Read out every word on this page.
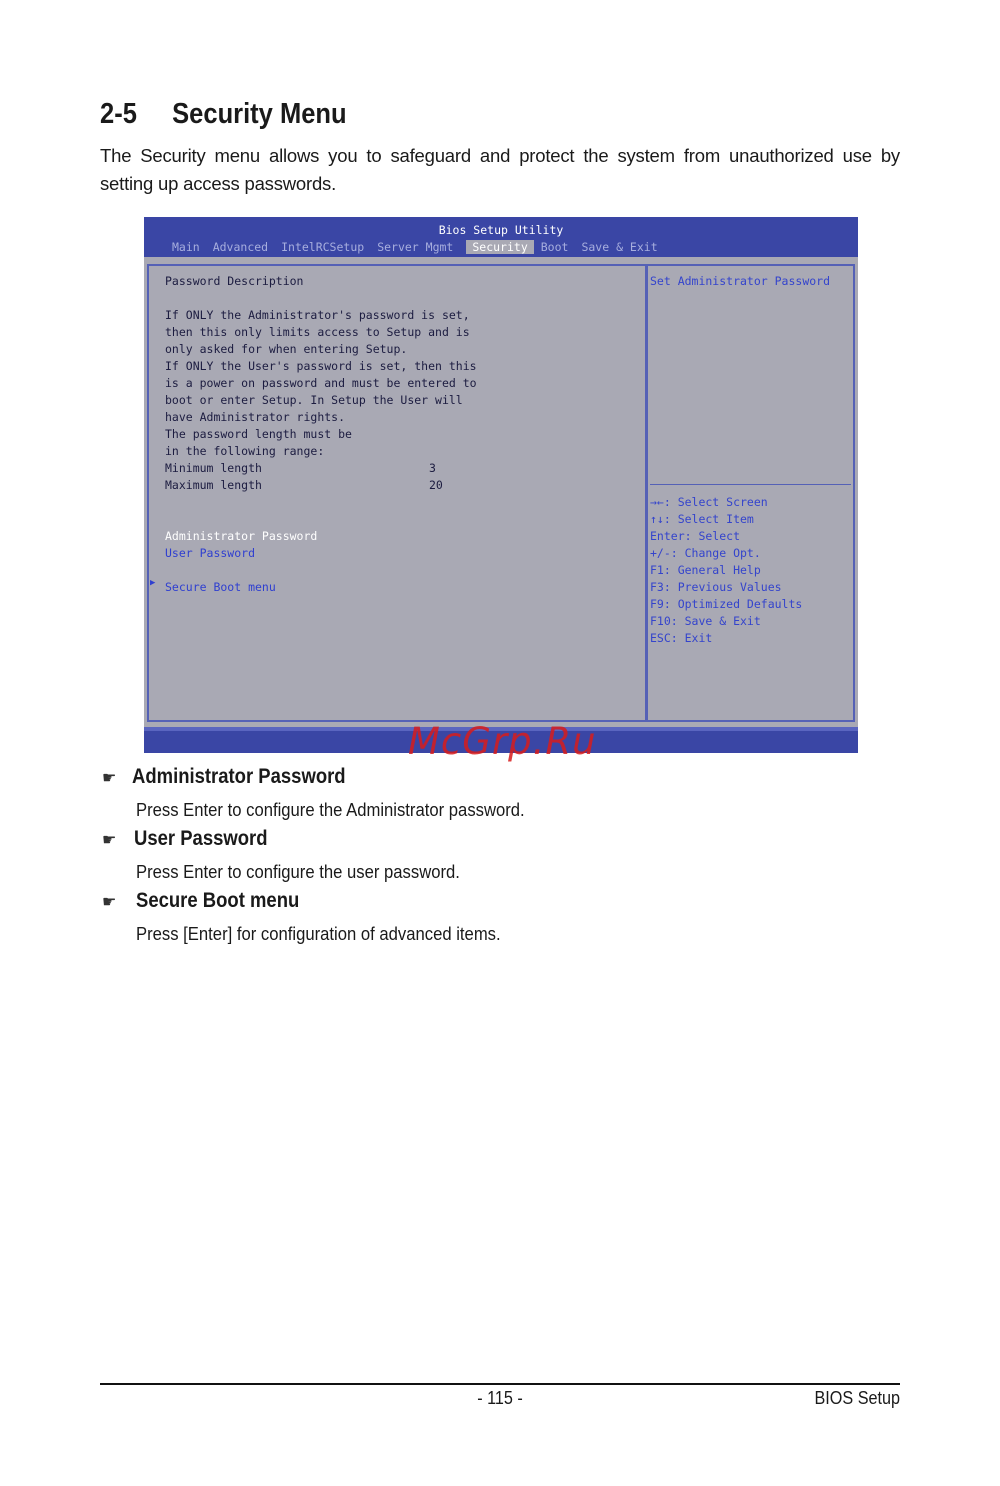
2-5 Security Menu

The Security menu allows you to safeguard and protect the system from unauthorized use by setting up access passwords.

Bios Setup Utility
Main Advanced IntelRCSetup Server Mgmt Security Boot Save & Exit
Password Description
If ONLY the Administrator's password is set,
then this only limits access to Setup and is
only asked for when entering Setup.
If ONLY the User's password is set, then this
is a power on password and must be entered to
boot or enter Setup. In Setup the User will
have Administrator rights.
The password length must be
in the following range:
Minimum length	3
Maximum length	20
Administrator Password
User Password
▶ Secure Boot menu
Set Administrator Password
→←: Select Screen
↑↓: Select Item
Enter: Select
+/-: Change Opt.
F1: General Help
F3: Previous Values
F9: Optimized Defaults
F10: Save & Exit
ESC: Exit
McGrp.Ru
☛ Administrator Password
Press Enter to configure the Administrator password.
☛ User Password
Press Enter to configure the user password.
☛ Secure Boot menu
Press [Enter] for configuration of advanced items.
- 115 -	BIOS Setup
